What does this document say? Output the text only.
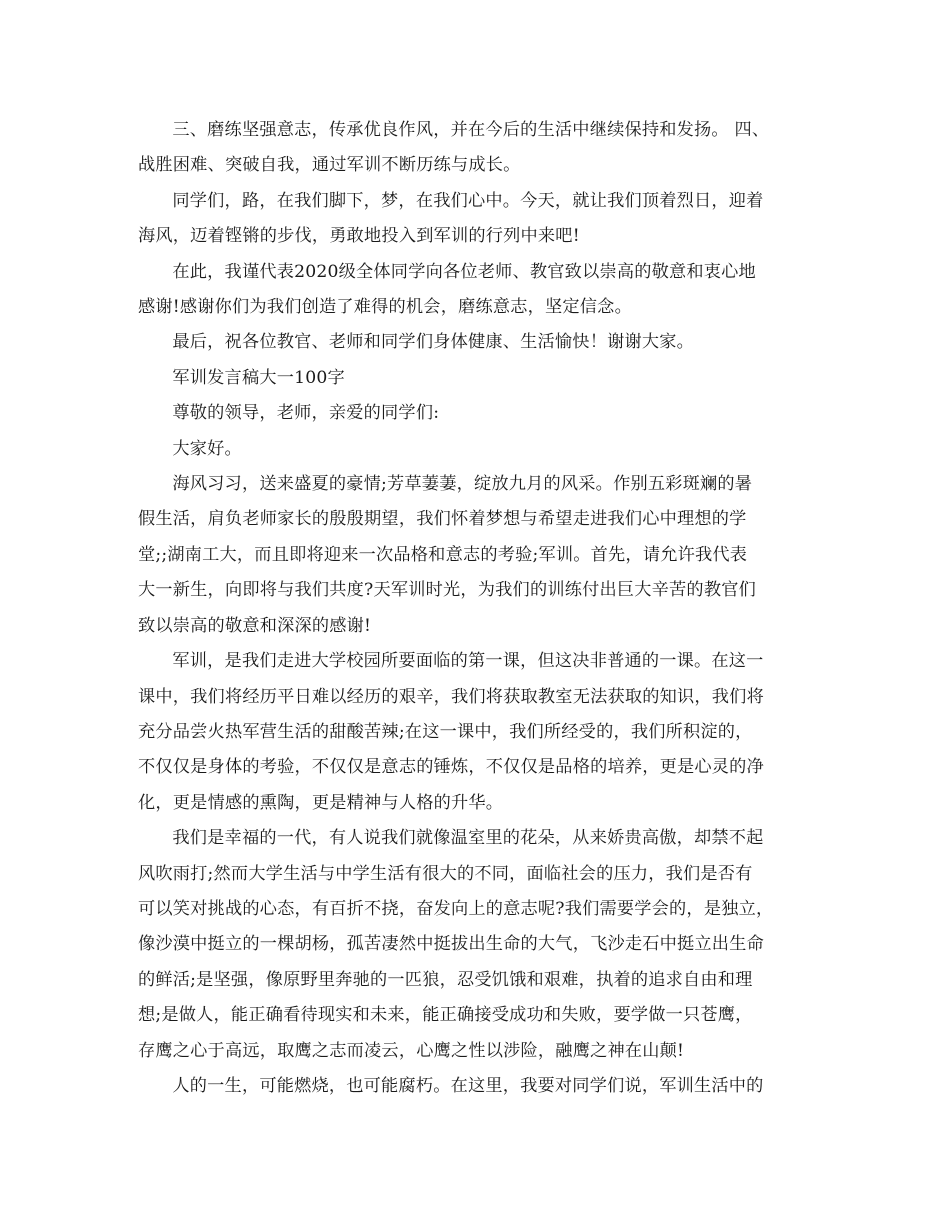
三、磨练坚强意志，传承优良作风，并在今后的生活中继续保持和发扬。 四、
战胜困难、突破自我，通过军训不断历练与成长。

同学们，路，在我们脚下，梦，在我们心中。今天，就让我们顶着烈日，迎着
海风，迈着铿锵的步伐，勇敢地投入到军训的行列中来吧!

在此，我谨代表2020级全体同学向各位老师、教官致以崇高的敬意和衷心地
感谢!感谢你们为我们创造了难得的机会，磨练意志，坚定信念。

最后，祝各位教官、老师和同学们身体健康、生活愉快！谢谢大家。

军训发言稿大一100字

尊敬的领导，老师，亲爱的同学们:

大家好。

海风习习，送来盛夏的豪情;芳草萋萋，绽放九月的风采。作别五彩斑斓的暑
假生活，肩负老师家长的殷殷期望，我们怀着梦想与希望走进我们心中理想的学
堂;;湖南工大，而且即将迎来一次品格和意志的考验;军训。首先，请允许我代表
大一新生，向即将与我们共度?天军训时光，为我们的训练付出巨大辛苦的教官们
致以崇高的敬意和深深的感谢!

军训，是我们走进大学校园所要面临的第一课，但这决非普通的一课。在这一
课中，我们将经历平日难以经历的艰辛，我们将获取教室无法获取的知识，我们将
充分品尝火热军营生活的甜酸苦辣;在这一课中，我们所经受的，我们所积淀的，
不仅仅是身体的考验，不仅仅是意志的锤炼，不仅仅是品格的培养，更是心灵的净
化，更是情感的熏陶，更是精神与人格的升华。

我们是幸福的一代，有人说我们就像温室里的花朵，从来娇贵高傲，却禁不起
风吹雨打;然而大学生活与中学生活有很大的不同，面临社会的压力，我们是否有
可以笑对挑战的心态，有百折不挠，奋发向上的意志呢?我们需要学会的，是独立，
像沙漠中挺立的一棵胡杨，孤苦凄然中挺拔出生命的大气，飞沙走石中挺立出生命
的鲜活;是坚强，像原野里奔驰的一匹狼，忍受饥饿和艰难，执着的追求自由和理
想;是做人，能正确看待现实和未来，能正确接受成功和失败，要学做一只苍鹰，
存鹰之心于高远，取鹰之志而凌云，心鹰之性以涉险，融鹰之神在山颠!

人的一生，可能燃烧，也可能腐朽。在这里，我要对同学们说，军训生活中的
